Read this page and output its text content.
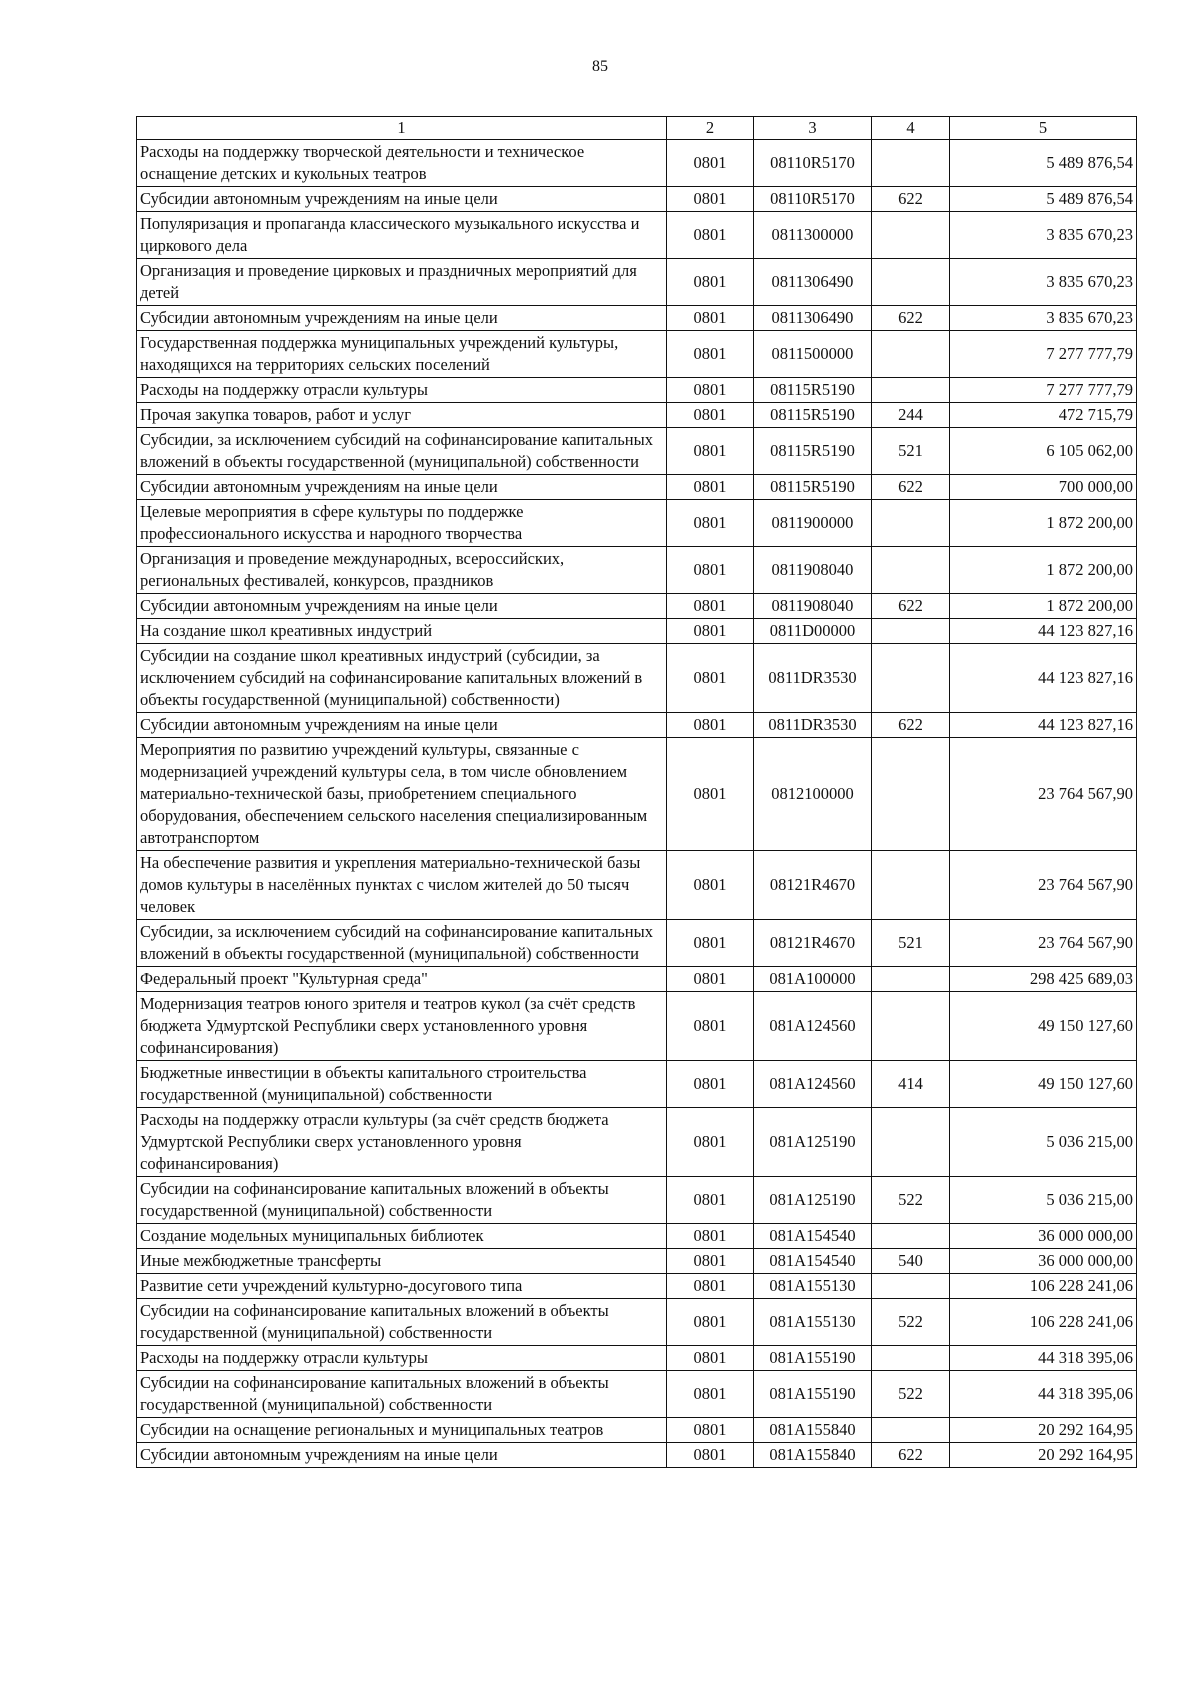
85
1	2	3	4	5
Расходы на поддержку творческой деятельности и техническое оснащение детских и кукольных театров	0801	08110R5170		5 489 876,54
Субсидии автономным учреждениям на иные цели	0801	08110R5170	622	5 489 876,54
Популяризация и пропаганда классического музыкального искусства и циркового дела	0801	0811300000		3 835 670,23
Организация и проведение цирковых и праздничных мероприятий для детей	0801	0811306490		3 835 670,23
Субсидии автономным учреждениям на иные цели	0801	0811306490	622	3 835 670,23
Государственная поддержка муниципальных учреждений культуры, находящихся на территориях сельских поселений	0801	0811500000		7 277 777,79
Расходы на поддержку отрасли культуры	0801	08115R5190		7 277 777,79
Прочая закупка товаров, работ и услуг	0801	08115R5190	244	472 715,79
Субсидии, за исключением субсидий на софинансирование капитальных вложений в объекты государственной (муниципальной) собственности	0801	08115R5190	521	6 105 062,00
Субсидии автономным учреждениям на иные цели	0801	08115R5190	622	700 000,00
Целевые мероприятия в сфере культуры по поддержке профессионального искусства и народного творчества	0801	0811900000		1 872 200,00
Организация и проведение международных, всероссийских, региональных фестивалей, конкурсов, праздников	0801	0811908040		1 872 200,00
Субсидии автономным учреждениям на иные цели	0801	0811908040	622	1 872 200,00
На создание школ креативных индустрий	0801	0811D00000		44 123 827,16
Субсидии на создание школ креативных индустрий (субсидии, за исключением субсидий на софинансирование капитальных вложений в объекты государственной (муниципальной) собственности)	0801	0811DR3530		44 123 827,16
Субсидии автономным учреждениям на иные цели	0801	0811DR3530	622	44 123 827,16
Мероприятия по развитию учреждений культуры, связанные с модернизацией учреждений культуры села, в том числе обновлением материально-технической базы, приобретением специального оборудования, обеспечением сельского населения специализированным автотранспортом	0801	0812100000		23 764 567,90
На обеспечение развития и укрепления материально-технической базы домов культуры в населённых пунктах с числом жителей до 50 тысяч человек	0801	08121R4670		23 764 567,90
Субсидии, за исключением субсидий на софинансирование капитальных вложений в объекты государственной (муниципальной) собственности	0801	08121R4670	521	23 764 567,90
Федеральный проект "Культурная среда"	0801	081A100000		298 425 689,03
Модернизация театров юного зрителя и театров кукол (за счёт средств бюджета Удмуртской Республики сверх установленного уровня софинансирования)	0801	081A124560		49 150 127,60
Бюджетные инвестиции в объекты капитального строительства государственной (муниципальной) собственности	0801	081A124560	414	49 150 127,60
Расходы на поддержку отрасли культуры (за счёт средств бюджета Удмуртской Республики сверх установленного уровня софинансирования)	0801	081A125190		5 036 215,00
Субсидии на софинансирование капитальных вложений в объекты государственной (муниципальной) собственности	0801	081A125190	522	5 036 215,00
Создание модельных муниципальных библиотек	0801	081A154540		36 000 000,00
Иные межбюджетные трансферты	0801	081A154540	540	36 000 000,00
Развитие сети учреждений культурно-досугового типа	0801	081A155130		106 228 241,06
Субсидии на софинансирование капитальных вложений в объекты государственной (муниципальной) собственности	0801	081A155130	522	106 228 241,06
Расходы на поддержку отрасли культуры	0801	081A155190		44 318 395,06
Субсидии на софинансирование капитальных вложений в объекты государственной (муниципальной) собственности	0801	081A155190	522	44 318 395,06
Субсидии на оснащение региональных и муниципальных театров	0801	081A155840		20 292 164,95
Субсидии автономным учреждениям на иные цели	0801	081A155840	622	20 292 164,95
